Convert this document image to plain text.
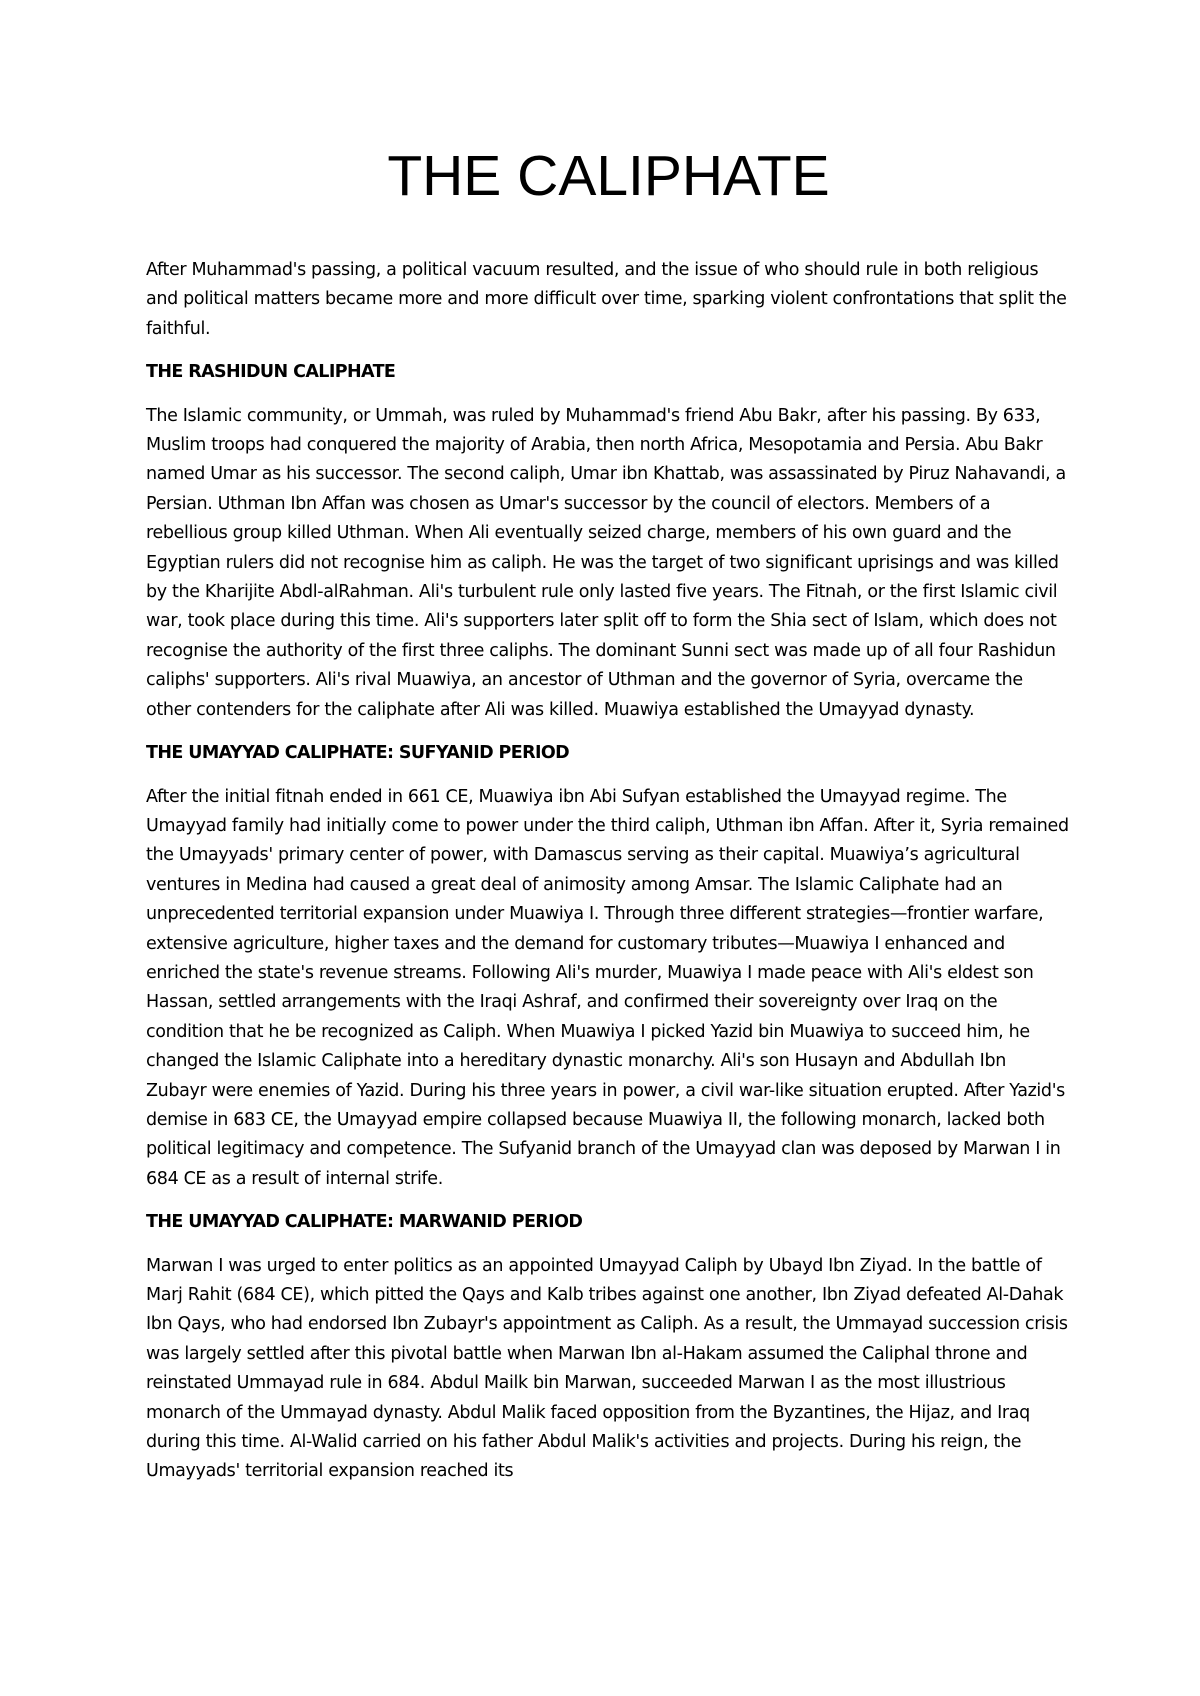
THE CALIPHATE

After Muhammad's passing, a political vacuum resulted, and the issue of who should rule in both religious and political matters became more and more difficult over time, sparking violent confrontations that split the faithful.

THE RASHIDUN CALIPHATE

The Islamic community, or Ummah, was ruled by Muhammad's friend Abu Bakr, after his passing. By 633, Muslim troops had conquered the majority of Arabia, then north Africa, Mesopotamia and Persia. Abu Bakr named Umar as his successor. The second caliph, Umar ibn Khattab, was assassinated by Piruz Nahavandi, a Persian. Uthman Ibn Affan was chosen as Umar's successor by the council of electors. Members of a rebellious group killed Uthman. When Ali eventually seized charge, members of his own guard and the Egyptian rulers did not recognise him as caliph. He was the target of two significant uprisings and was killed by the Kharijite Abdl-alRahman. Ali's turbulent rule only lasted five years. The Fitnah, or the first Islamic civil war, took place during this time. Ali's supporters later split off to form the Shia sect of Islam, which does not recognise the authority of the first three caliphs. The dominant Sunni sect was made up of all four Rashidun caliphs' supporters. Ali's rival Muawiya, an ancestor of Uthman and the governor of Syria, overcame the other contenders for the caliphate after Ali was killed. Muawiya established the Umayyad dynasty.

THE UMAYYAD CALIPHATE: SUFYANID PERIOD

After the initial fitnah ended in 661 CE, Muawiya ibn Abi Sufyan established the Umayyad regime. The Umayyad family had initially come to power under the third caliph, Uthman ibn Affan. After it, Syria remained the Umayyads' primary center of power, with Damascus serving as their capital. Muawiya’s agricultural ventures in Medina had caused a great deal of animosity among Amsar. The Islamic Caliphate had an unprecedented territorial expansion under Muawiya I. Through three different strategies—frontier warfare, extensive agriculture, higher taxes and the demand for customary tributes—Muawiya I enhanced and enriched the state's revenue streams. Following Ali's murder, Muawiya I made peace with Ali's eldest son Hassan, settled arrangements with the Iraqi Ashraf, and confirmed their sovereignty over Iraq on the condition that he be recognized as Caliph. When Muawiya I picked Yazid bin Muawiya to succeed him, he changed the Islamic Caliphate into a hereditary dynastic monarchy. Ali's son Husayn and Abdullah Ibn Zubayr were enemies of Yazid. During his three years in power, a civil war-like situation erupted. After Yazid's demise in 683 CE, the Umayyad empire collapsed because Muawiya II, the following monarch, lacked both political legitimacy and competence. The Sufyanid branch of the Umayyad clan was deposed by Marwan I in 684 CE as a result of internal strife.

THE UMAYYAD CALIPHATE: MARWANID PERIOD

Marwan I was urged to enter politics as an appointed Umayyad Caliph by Ubayd Ibn Ziyad. In the battle of Marj Rahit (684 CE), which pitted the Qays and Kalb tribes against one another, Ibn Ziyad defeated Al-Dahak Ibn Qays, who had endorsed Ibn Zubayr's appointment as Caliph. As a result, the Ummayad succession crisis was largely settled after this pivotal battle when Marwan Ibn al-Hakam assumed the Caliphal throne and reinstated Ummayad rule in 684. Abdul Mailk bin Marwan, succeeded Marwan I as the most illustrious monarch of the Ummayad dynasty. Abdul Malik faced opposition from the Byzantines, the Hijaz, and Iraq during this time. Al-Walid carried on his father Abdul Malik's activities and projects. During his reign, the Umayyads' territorial expansion reached its
